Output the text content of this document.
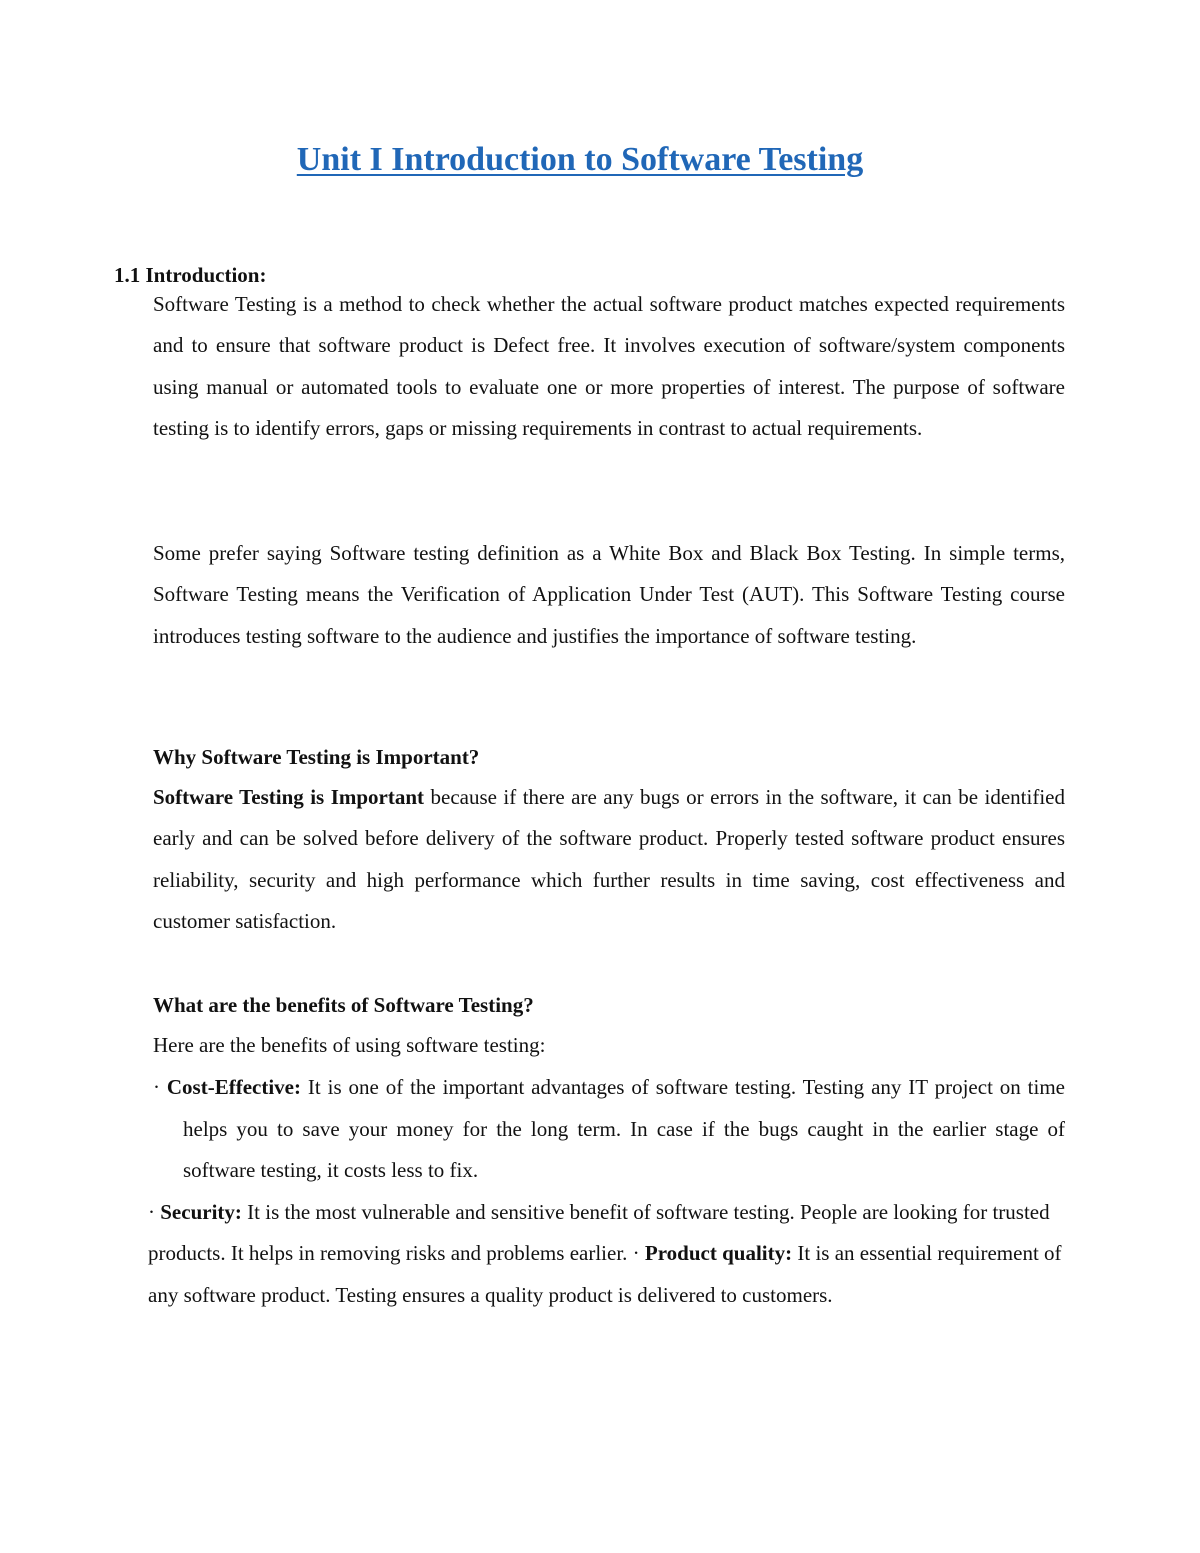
Unit I Introduction to Software Testing
1.1 Introduction:
Software Testing is a method to check whether the actual software product matches expected requirements and to ensure that software product is Defect free. It involves execution of software/system components using manual or automated tools to evaluate one or more properties of interest. The purpose of software testing is to identify errors, gaps or missing requirements in contrast to actual requirements.
Some prefer saying Software testing definition as a White Box and Black Box Testing. In simple terms, Software Testing means the Verification of Application Under Test (AUT). This Software Testing course introduces testing software to the audience and justifies the importance of software testing.
Why Software Testing is Important?
Software Testing is Important because if there are any bugs or errors in the software, it can be identified early and can be solved before delivery of the software product. Properly tested software product ensures reliability, security and high performance which further results in time saving, cost effectiveness and customer satisfaction.
What are the benefits of Software Testing?
Here are the benefits of using software testing:
· Cost-Effective: It is one of the important advantages of software testing. Testing any IT project on time helps you to save your money for the long term. In case if the bugs caught in the earlier stage of software testing, it costs less to fix.
· Security: It is the most vulnerable and sensitive benefit of software testing. People are looking for trusted products. It helps in removing risks and problems earlier. · Product quality: It is an essential requirement of any software product. Testing ensures a quality product is delivered to customers.
